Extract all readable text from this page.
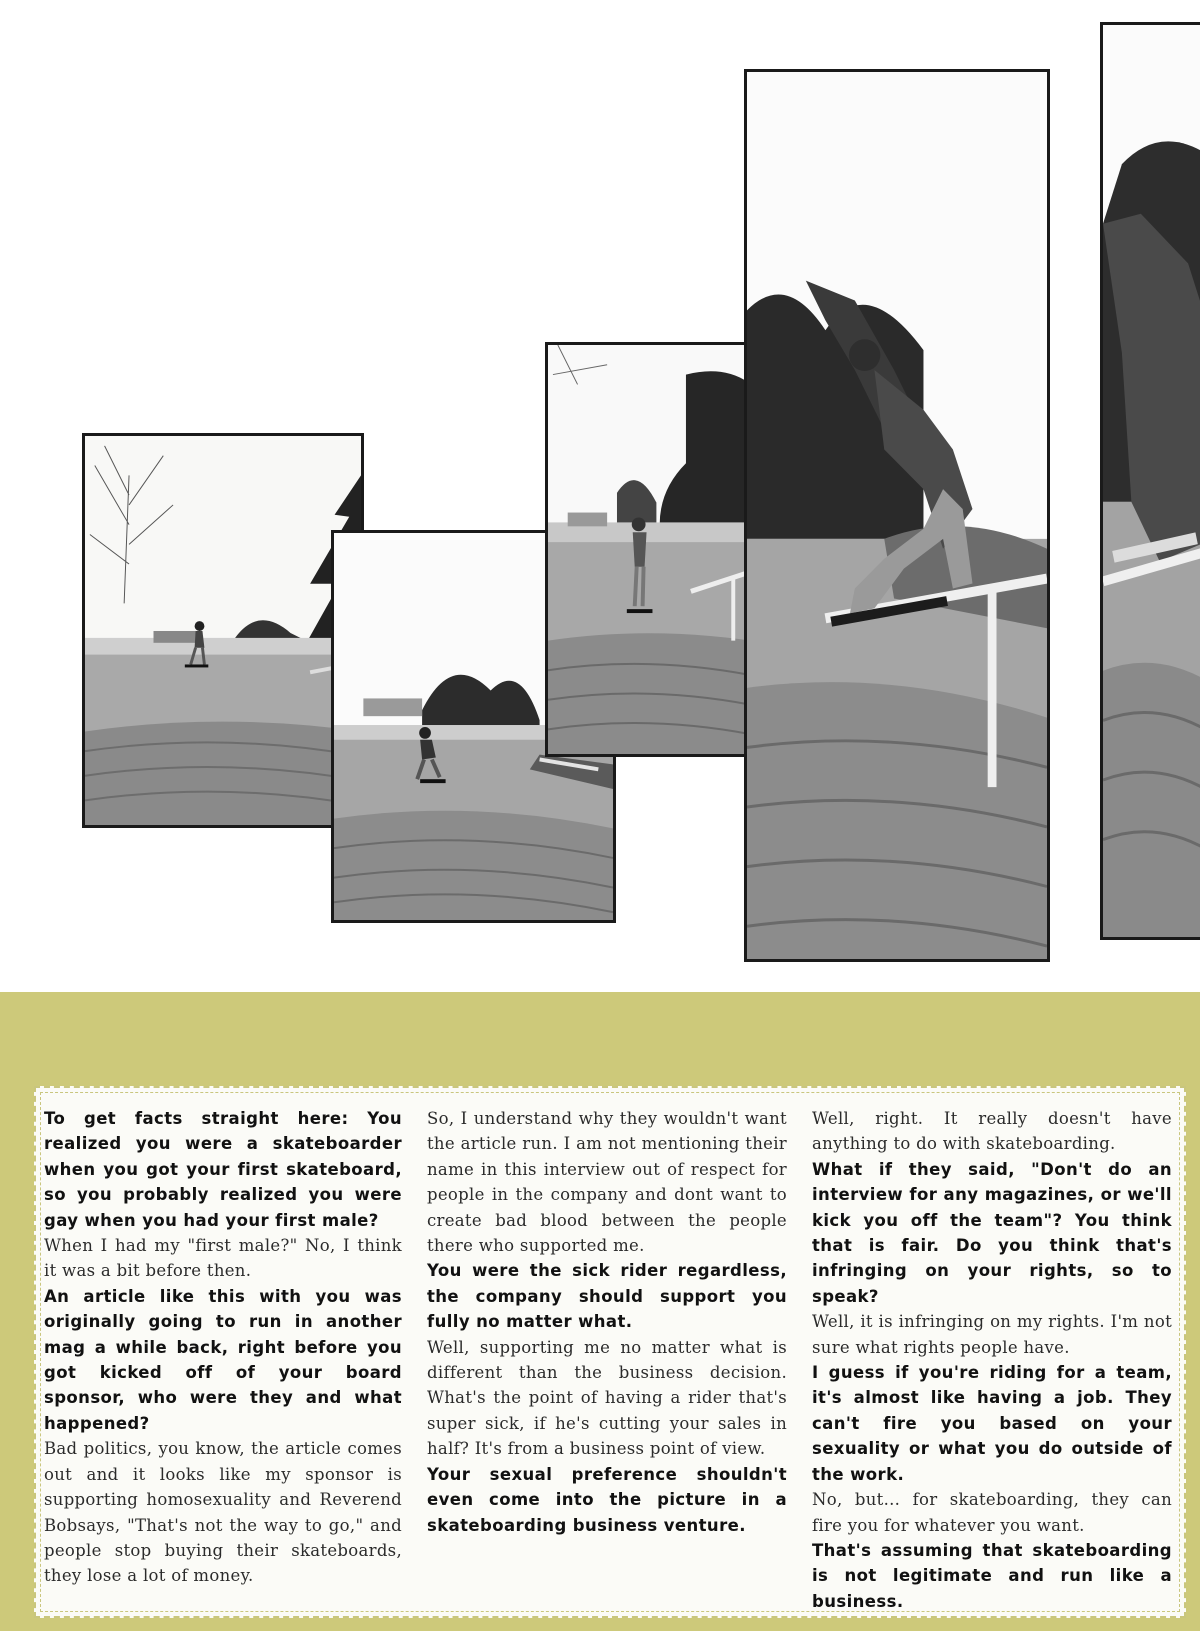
To get facts straight here: You realized you were a skateboarder when you got your first skateboard, so you probably realized you were gay when you had your first male?

When I had my "first male?" No, I think it was a bit before then.

An article like this with you was originally going to run in another mag a while back, right before you got kicked off of your board sponsor, who were they and what happened?

Bad politics, you know, the article comes out and it looks like my sponsor is supporting homosexuality and Reverend Bobsays, "That's not the way to go," and people stop buying their skateboards, they lose a lot of money.

So, I understand why they wouldn't want the article run. I am not mentioning their name in this interview out of respect for people in the company and dont want to create bad blood between the people there who supported me.

You were the sick rider regardless, the company should support you fully no matter what.

Well, supporting me no matter what is different than the business decision. What's the point of having a rider that's super sick, if he's cutting your sales in half? It's from a business point of view.

Your sexual preference shouldn't even come into the picture in a skateboarding business venture.

Well, right. It really doesn't have anything to do with skateboarding.

What if they said, "Don't do an interview for any magazines, or we'll kick you off the team"? You think that is fair. Do you think that's infringing on your rights, so to speak?

Well, it is infringing on my rights. I'm not sure what rights people have.

I guess if you're riding for a team, it's almost like having a job. They can't fire you based on your sexuality or what you do outside of the work.

No, but... for skateboarding, they can fire you for whatever you want.

That's assuming that skateboarding is not legitimate and run like a business.
